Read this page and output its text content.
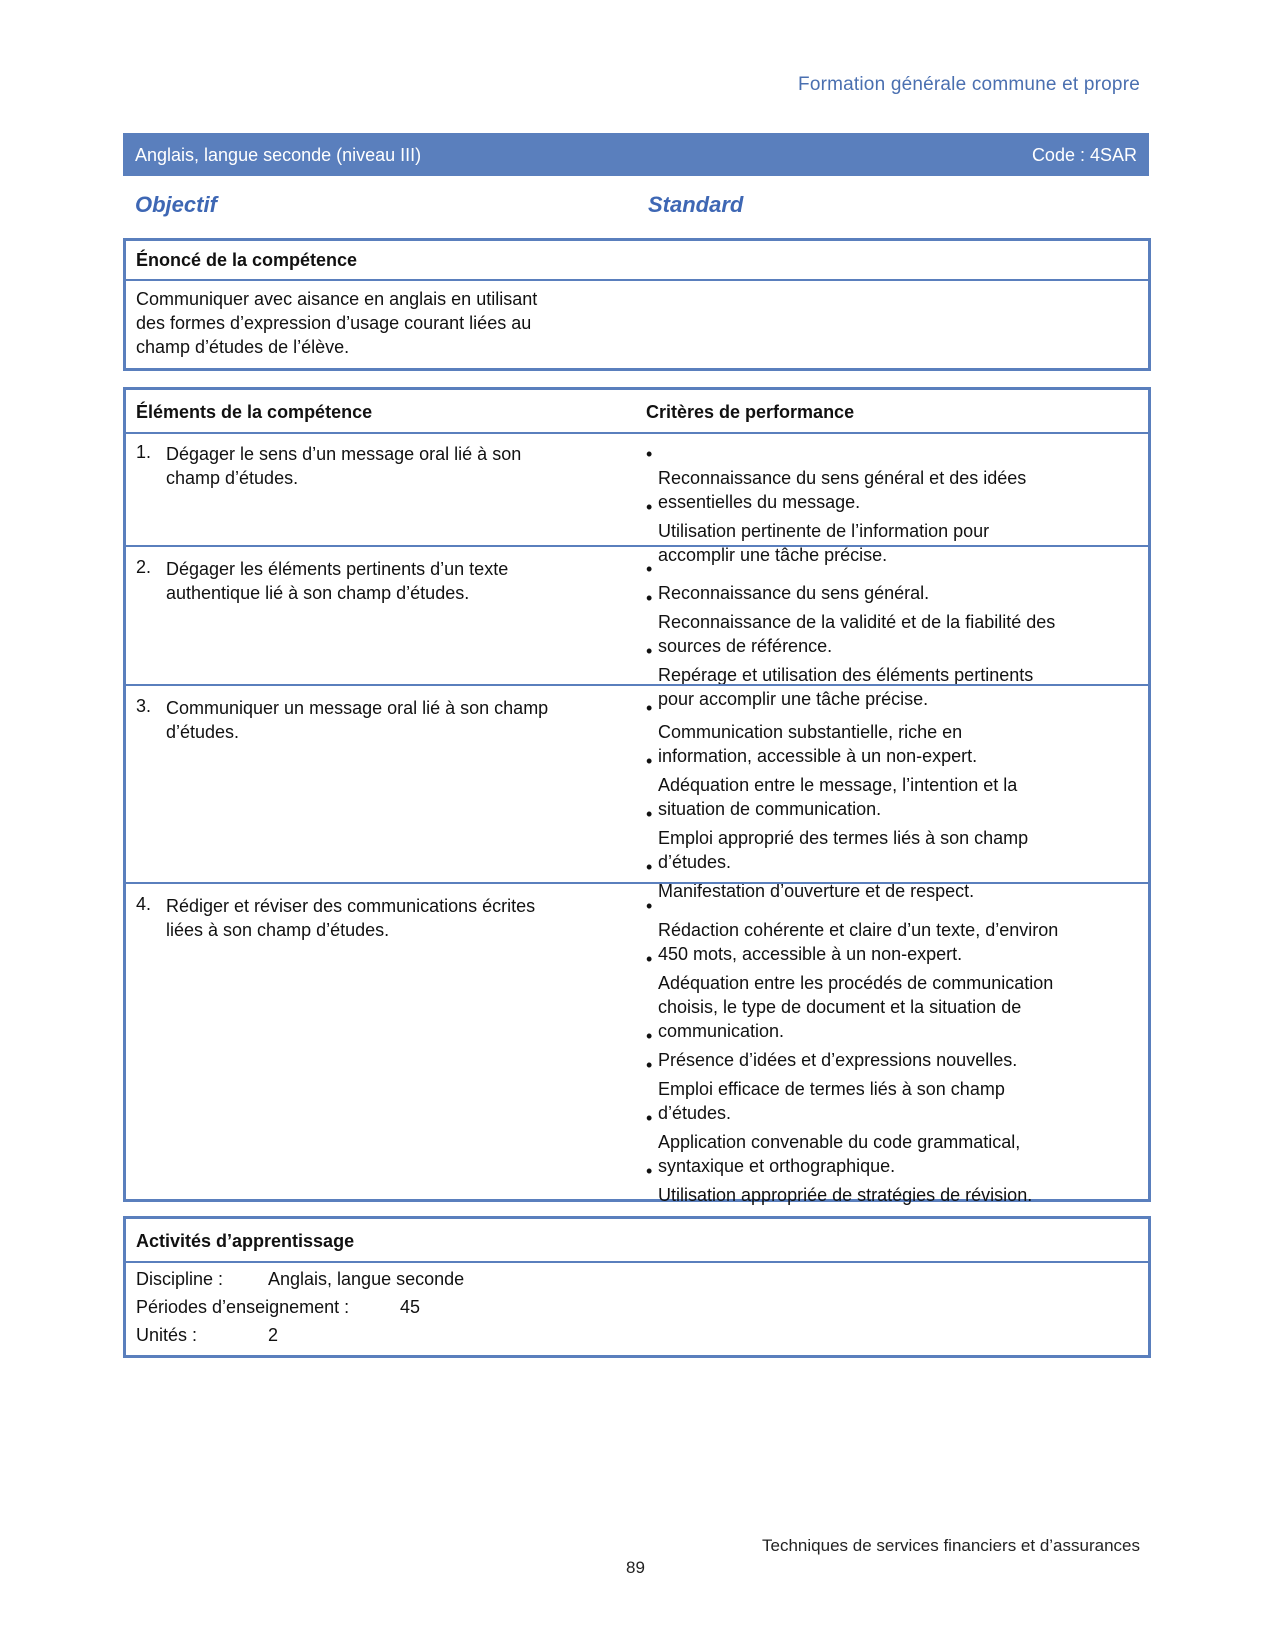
Formation générale commune et propre
Anglais, langue seconde (niveau III)	Code : 4SAR
Objectif	Standard
Énoncé de la compétence
Communiquer avec aisance en anglais en utilisant
des formes d’expression d’usage courant liées au
champ d’études de l’élève.
Éléments de la compétence	Critères de performance
1. Dégager le sens d’un message oral lié à son
champ d’études.
•
Reconnaissance du sens général et des idées
essentielles du message.
•
Utilisation pertinente de l’information pour
accomplir une tâche précise.
2. Dégager les éléments pertinents d’un texte
authentique lié à son champ d’études.
•
Reconnaissance du sens général.
•
Reconnaissance de la validité et de la fiabilité des
sources de référence.
•
Repérage et utilisation des éléments pertinents
pour accomplir une tâche précise.
3. Communiquer un message oral lié à son champ
d’études.
•
Communication substantielle, riche en
information, accessible à un non-expert.
•
Adéquation entre le message, l’intention et la
situation de communication.
•
Emploi approprié des termes liés à son champ
d’études.
•
Manifestation d’ouverture et de respect.
4. Rédiger et réviser des communications écrites
liées à son champ d’études.
•
Rédaction cohérente et claire d’un texte, d’environ
450 mots, accessible à un non-expert.
•
Adéquation entre les procédés de communication
choisis, le type de document et la situation de
communication.
•
Présence d’idées et d’expressions nouvelles.
•
Emploi efficace de termes liés à son champ
d’études.
•
Application convenable du code grammatical,
syntaxique et orthographique.
•
Utilisation appropriée de stratégies de révision.
Activités d’apprentissage
Discipline : Anglais, langue seconde
Périodes d’enseignement :	45
Unités :	2
Techniques de services financiers et d’assurances
89
